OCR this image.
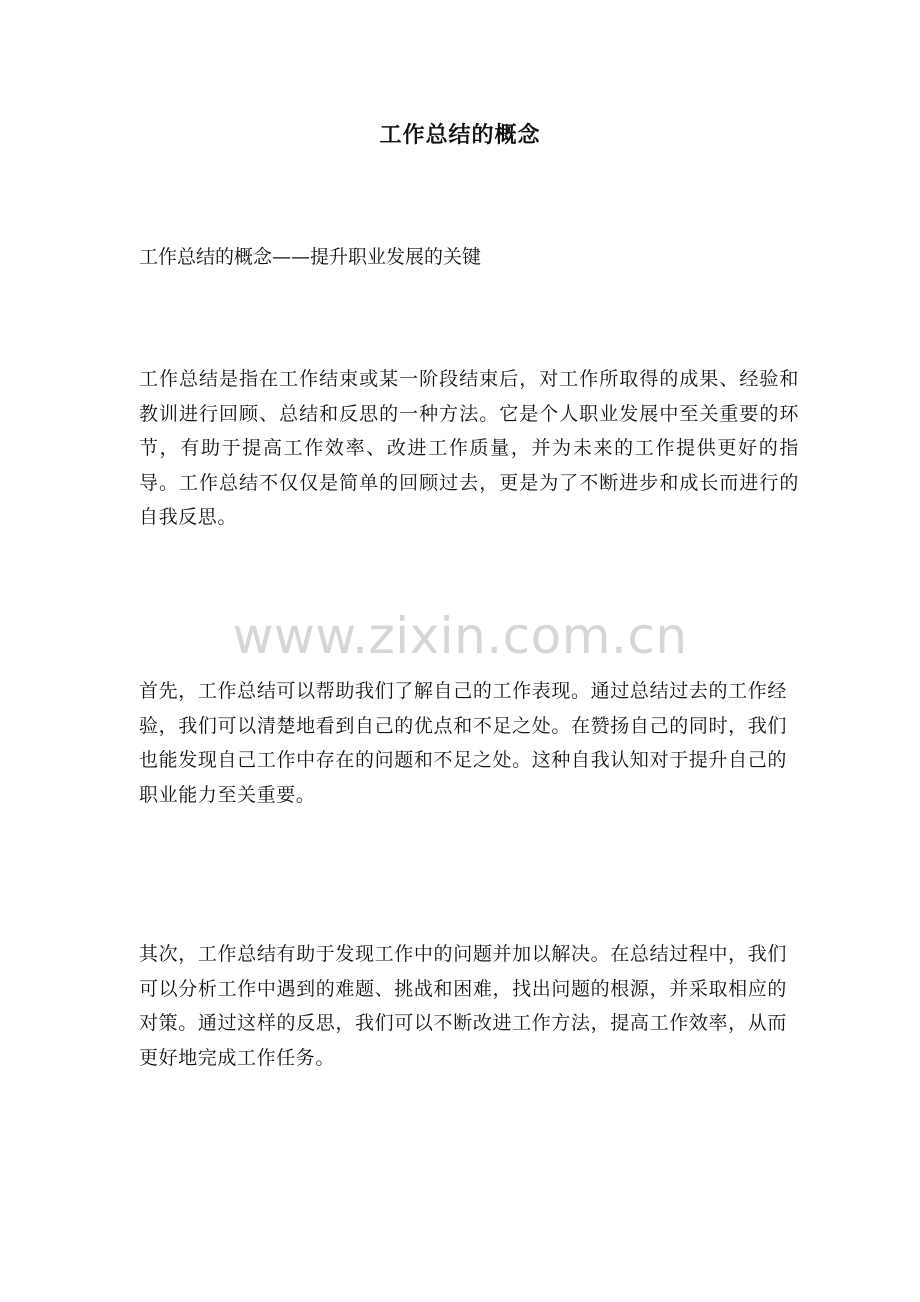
工作总结的概念
工作总结的概念——提升职业发展的关键
工作总结是指在工作结束或某一阶段结束后，对工作所取得的成果、经验和教训进行回顾、总结和反思的一种方法。它是个人职业发展中至关重要的环节，有助于提高工作效率、改进工作质量，并为未来的工作提供更好的指导。工作总结不仅仅是简单的回顾过去，更是为了不断进步和成长而进行的自我反思。
www.zixin.com.cn
首先，工作总结可以帮助我们了解自己的工作表现。通过总结过去的工作经验，我们可以清楚地看到自己的优点和不足之处。在赞扬自己的同时，我们也能发现自己工作中存在的问题和不足之处。这种自我认知对于提升自己的职业能力至关重要。
其次，工作总结有助于发现工作中的问题并加以解决。在总结过程中，我们可以分析工作中遇到的难题、挑战和困难，找出问题的根源，并采取相应的对策。通过这样的反思，我们可以不断改进工作方法，提高工作效率，从而更好地完成工作任务。
